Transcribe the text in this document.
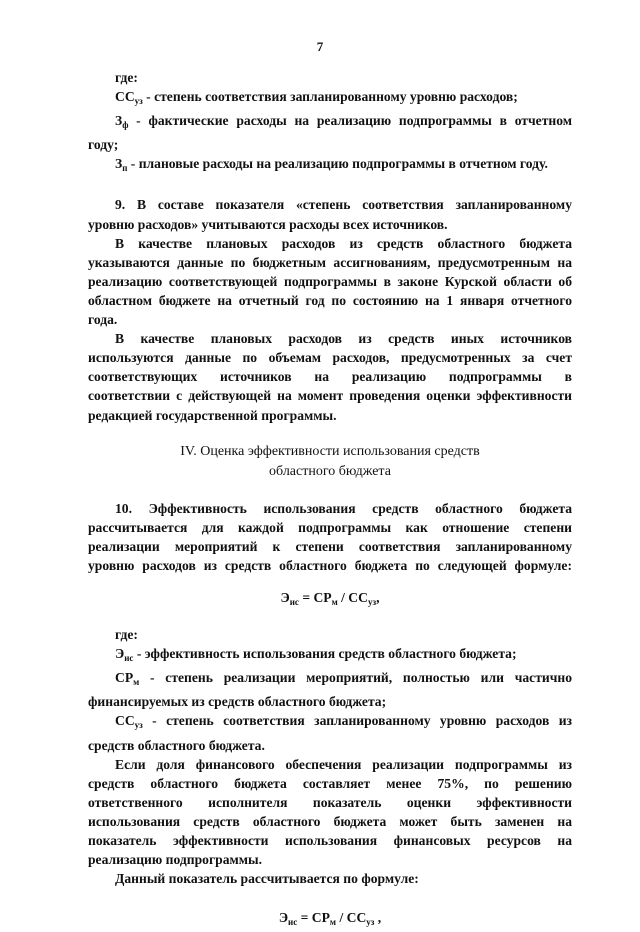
7
где:
$СС_{уз}$ - степень соответствия запланированному уровню расходов;
$З_ф$ - фактические расходы на реализацию подпрограммы в отчетном
году;
$З_п$ - плановые расходы на реализацию подпрограммы в отчетном году.
9. В составе показателя «степень соответствия запланированному
уровню расходов» учитываются расходы всех источников.
В качестве плановых расходов из средств областного бюджета
указываются данные по бюджетным ассигнованиям, предусмотренным на
реализацию соответствующей подпрограммы в законе Курской области об
областном бюджете на отчетный год по состоянию на 1 января отчетного
года.
В качестве плановых расходов из средств иных источников
используются данные по объемам расходов, предусмотренных за счет
соответствующих источников на реализацию подпрограммы в
соответствии с действующей на момент проведения оценки эффективности
редакцией государственной программы.
IV. Оценка эффективности использования средств
областного бюджета
10. Эффективность использования средств областного бюджета
рассчитывается для каждой подпрограммы как отношение степени
реализации мероприятий к степени соответствия запланированному
уровню расходов из средств областного бюджета по следующей формуле:
$Э_{ис} = СР_м / СС_{уз}$,
где:
$Э_{ис}$ - эффективность использования средств областного бюджета;
$СР_м$ - степень реализации мероприятий, полностью или частично
финансируемых из средств областного бюджета;
$СС_{уз}$ - степень соответствия запланированному уровню расходов из
средств областного бюджета.
Если доля финансового обеспечения реализации подпрограммы из
средств областного бюджета составляет менее 75%, по решению
ответственного исполнителя показатель оценки эффективности
использования средств областного бюджета может быть заменен на
показатель эффективности использования финансовых ресурсов на
реализацию подпрограммы.
Данный показатель рассчитывается по формуле:
$Э_{ис} = СР_м / СС_{уз}$ ,
